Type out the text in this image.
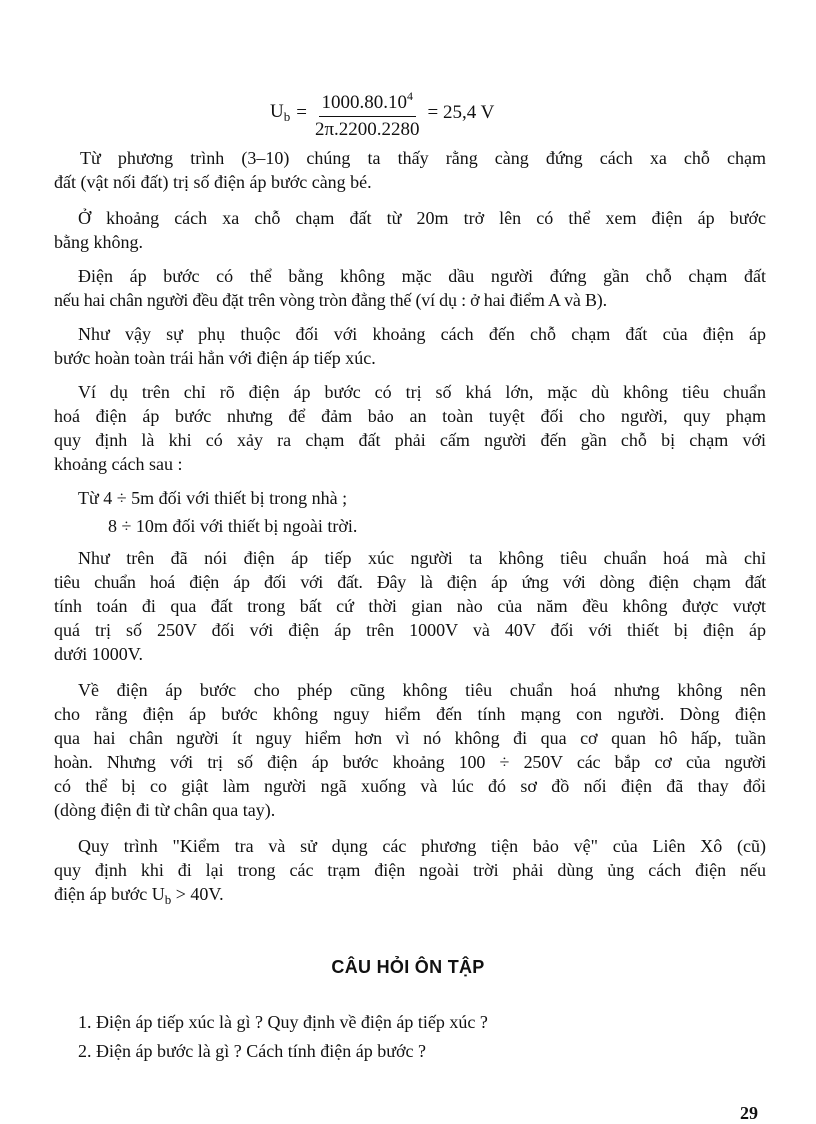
$U_b = \frac{1000.80.10^4}{2\pi.2200.2280} = 25,4$ V
Từ phương trình (3–10) chúng ta thấy rằng càng đứng cách xa chỗ chạm
đất (vật nối đất) trị số điện áp bước càng bé.
Ở khoảng cách xa chỗ chạm đất từ 20m trở lên có thể xem điện áp bước
bằng không.
Điện áp bước có thể bằng không mặc dầu người đứng gần chỗ chạm đất
nếu hai chân người đều đặt trên vòng tròn đẳng thế (ví dụ : ở hai điểm A và B).
Như vậy sự phụ thuộc đối với khoảng cách đến chỗ chạm đất của điện áp
bước hoàn toàn trái hẳn với điện áp tiếp xúc.
Ví dụ trên chỉ rõ điện áp bước có trị số khá lớn, mặc dù không tiêu chuẩn
hoá điện áp bước nhưng để đảm bảo an toàn tuyệt đối cho người, quy phạm
quy định là khi có xảy ra chạm đất phải cấm người đến gần chỗ bị chạm với
khoảng cách sau :
Từ 4 ÷ 5m đối với thiết bị trong nhà ;
8 ÷ 10m đối với thiết bị ngoài trời.
Như trên đã nói điện áp tiếp xúc người ta không tiêu chuẩn hoá mà chỉ
tiêu chuẩn hoá điện áp đối với đất. Đây là điện áp ứng với dòng điện chạm đất
tính toán đi qua đất trong bất cứ thời gian nào của năm đều không được vượt
quá trị số 250V đối với điện áp trên 1000V và 40V đối với thiết bị điện áp
dưới 1000V.
Về điện áp bước cho phép cũng không tiêu chuẩn hoá nhưng không nên
cho rằng điện áp bước không nguy hiểm đến tính mạng con người. Dòng điện
qua hai chân người ít nguy hiểm hơn vì nó không đi qua cơ quan hô hấp, tuần
hoàn. Nhưng với trị số điện áp bước khoảng 100 ÷ 250V các bắp cơ của người
có thể bị co giật làm người ngã xuống và lúc đó sơ đồ nối điện đã thay đổi
(dòng điện đi từ chân qua tay).
Quy trình "Kiểm tra và sử dụng các phương tiện bảo vệ" của Liên Xô (cũ)
quy định khi đi lại trong các trạm điện ngoài trời phải dùng ủng cách điện nếu
điện áp bước $U_b > 40V$.
CÂU HỎI ÔN TẬP
1. Điện áp tiếp xúc là gì ? Quy định về điện áp tiếp xúc ?
2. Điện áp bước là gì ? Cách tính điện áp bước ?
29
